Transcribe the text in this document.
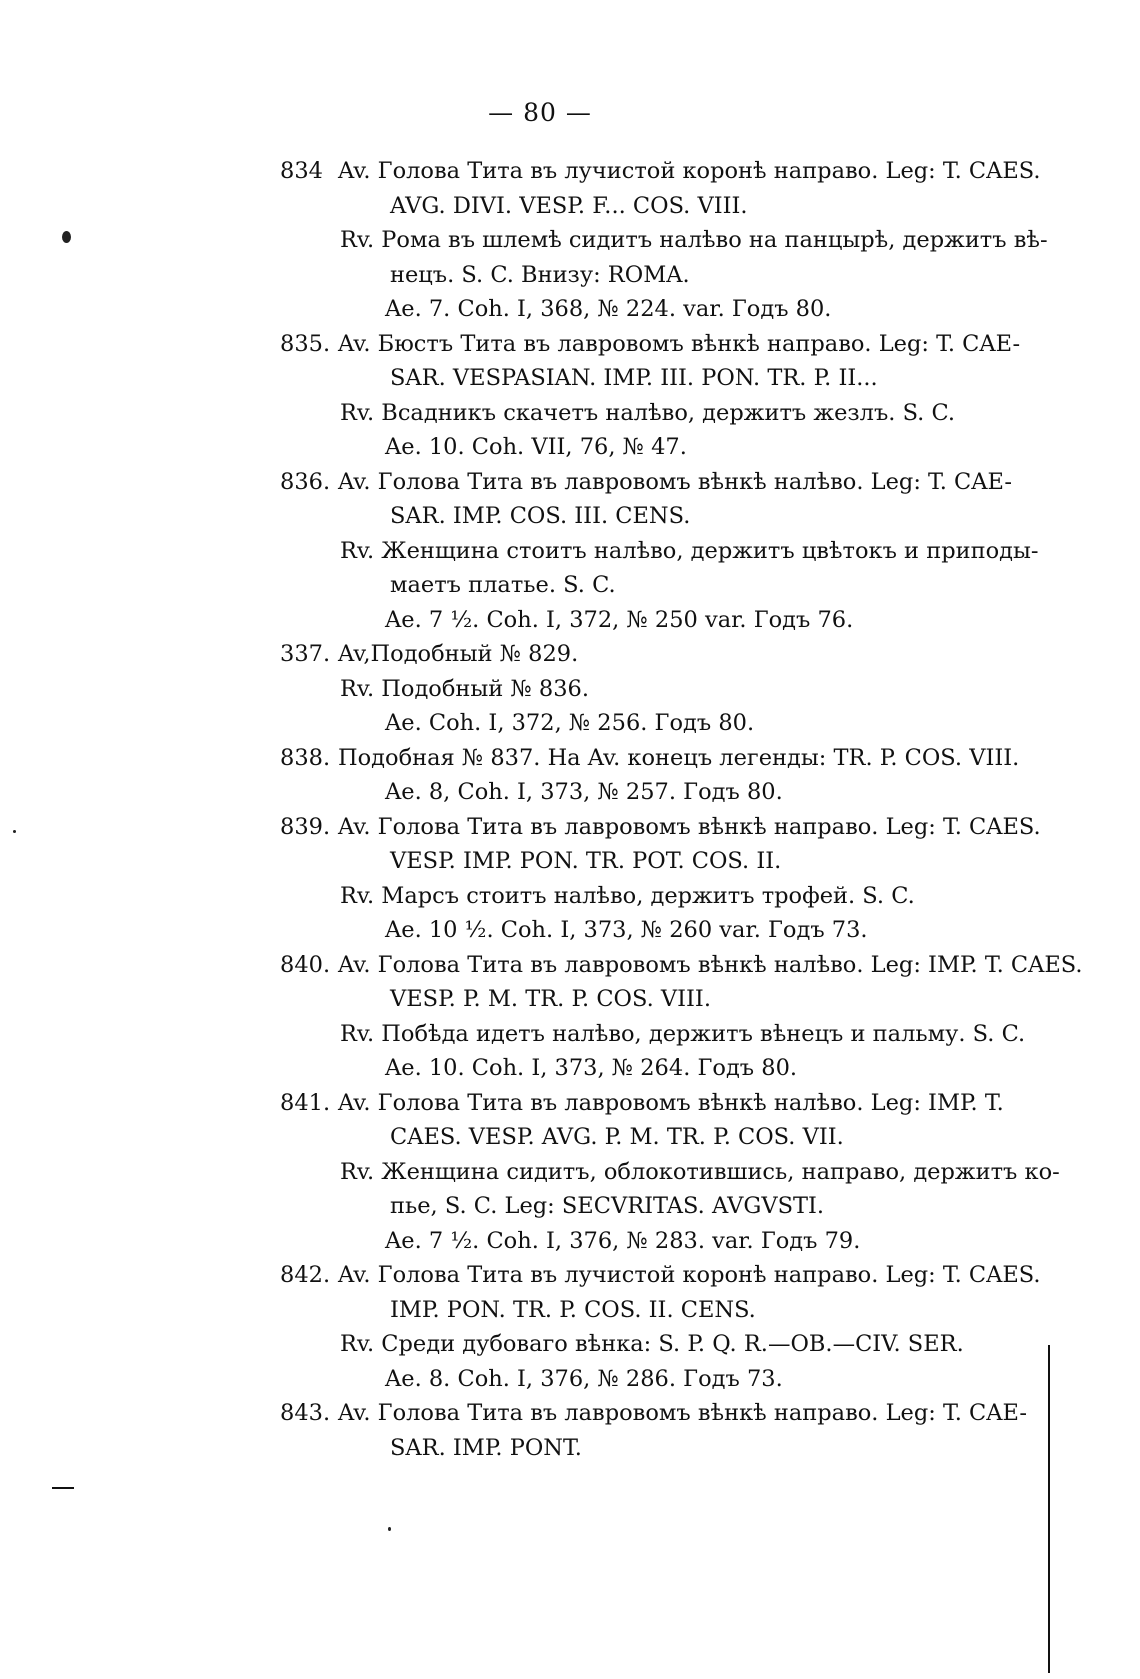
— 80 —
834 Av. Голова Тита въ лучистой коронѣ направо. Leg: T. CAES.
AVG. DIVI. VESP. F... COS. VIII.
Rv. Рома въ шлемѣ сидитъ налѣво на панцырѣ, держитъ вѣ-
нецъ. S. C. Внизу: ROMA.
Ae. 7. Coh. I, 368, № 224. var. Годъ 80.
835. Av. Бюстъ Тита въ лавровомъ вѣнкѣ направо. Leg: T. CAE-
SAR. VESPASIAN. IMP. III. PON. TR. P. II...
Rv. Всадникъ скачетъ налѣво, держитъ жезлъ. S. C.
Ae. 10. Coh. VII, 76, № 47.
836. Av. Голова Тита въ лавровомъ вѣнкѣ налѣво. Leg: T. CAE-
SAR. IMP. COS. III. CENS.
Rv. Женщина стоитъ налѣво, держитъ цвѣтокъ и приподы-
маетъ платье. S. C.
Ae. 7 ½. Coh. I, 372, № 250 var. Годъ 76.
337. Av,Подобный № 829.
Rv. Подобный № 836.
Ae. Coh. I, 372, № 256. Годъ 80.
838. Подобная № 837. На Av. конецъ легенды: TR. P. COS. VIII.
Ae. 8, Coh. I, 373, № 257. Годъ 80.
839. Av. Голова Тита въ лавровомъ вѣнкѣ направо. Leg: T. CAES.
VESP. IMP. PON. TR. POT. COS. II.
Rv. Марсъ стоитъ налѣво, держитъ трофей. S. C.
Ae. 10 ½. Coh. I, 373, № 260 var. Годъ 73.
840. Av. Голова Тита въ лавровомъ вѣнкѣ налѣво. Leg: IMP. T. CAES.
VESP. P. M. TR. P. COS. VIII.
Rv. Побѣда идетъ налѣво, держитъ вѣнецъ и пальму. S. C.
Ae. 10. Coh. I, 373, № 264. Годъ 80.
841. Av. Голова Тита въ лавровомъ вѣнкѣ налѣво. Leg: IMP. T.
CAES. VESP. AVG. P. M. TR. P. COS. VII.
Rv. Женщина сидитъ, облокотившись, направо, держитъ ко-
пье, S. C. Leg: SECVRITAS. AVGVSTI.
Ae. 7 ½. Coh. I, 376, № 283. var. Годъ 79.
842. Av. Голова Тита въ лучистой коронѣ направо. Leg: T. CAES.
IMP. PON. TR. P. COS. II. CENS.
Rv. Среди дубоваго вѣнка: S. P. Q. R.—OB.—CIV. SER.
Ae. 8. Coh. I, 376, № 286. Годъ 73.
843. Av. Голова Тита въ лавровомъ вѣнкѣ направо. Leg: T. CAE-
SAR. IMP. PONT.
